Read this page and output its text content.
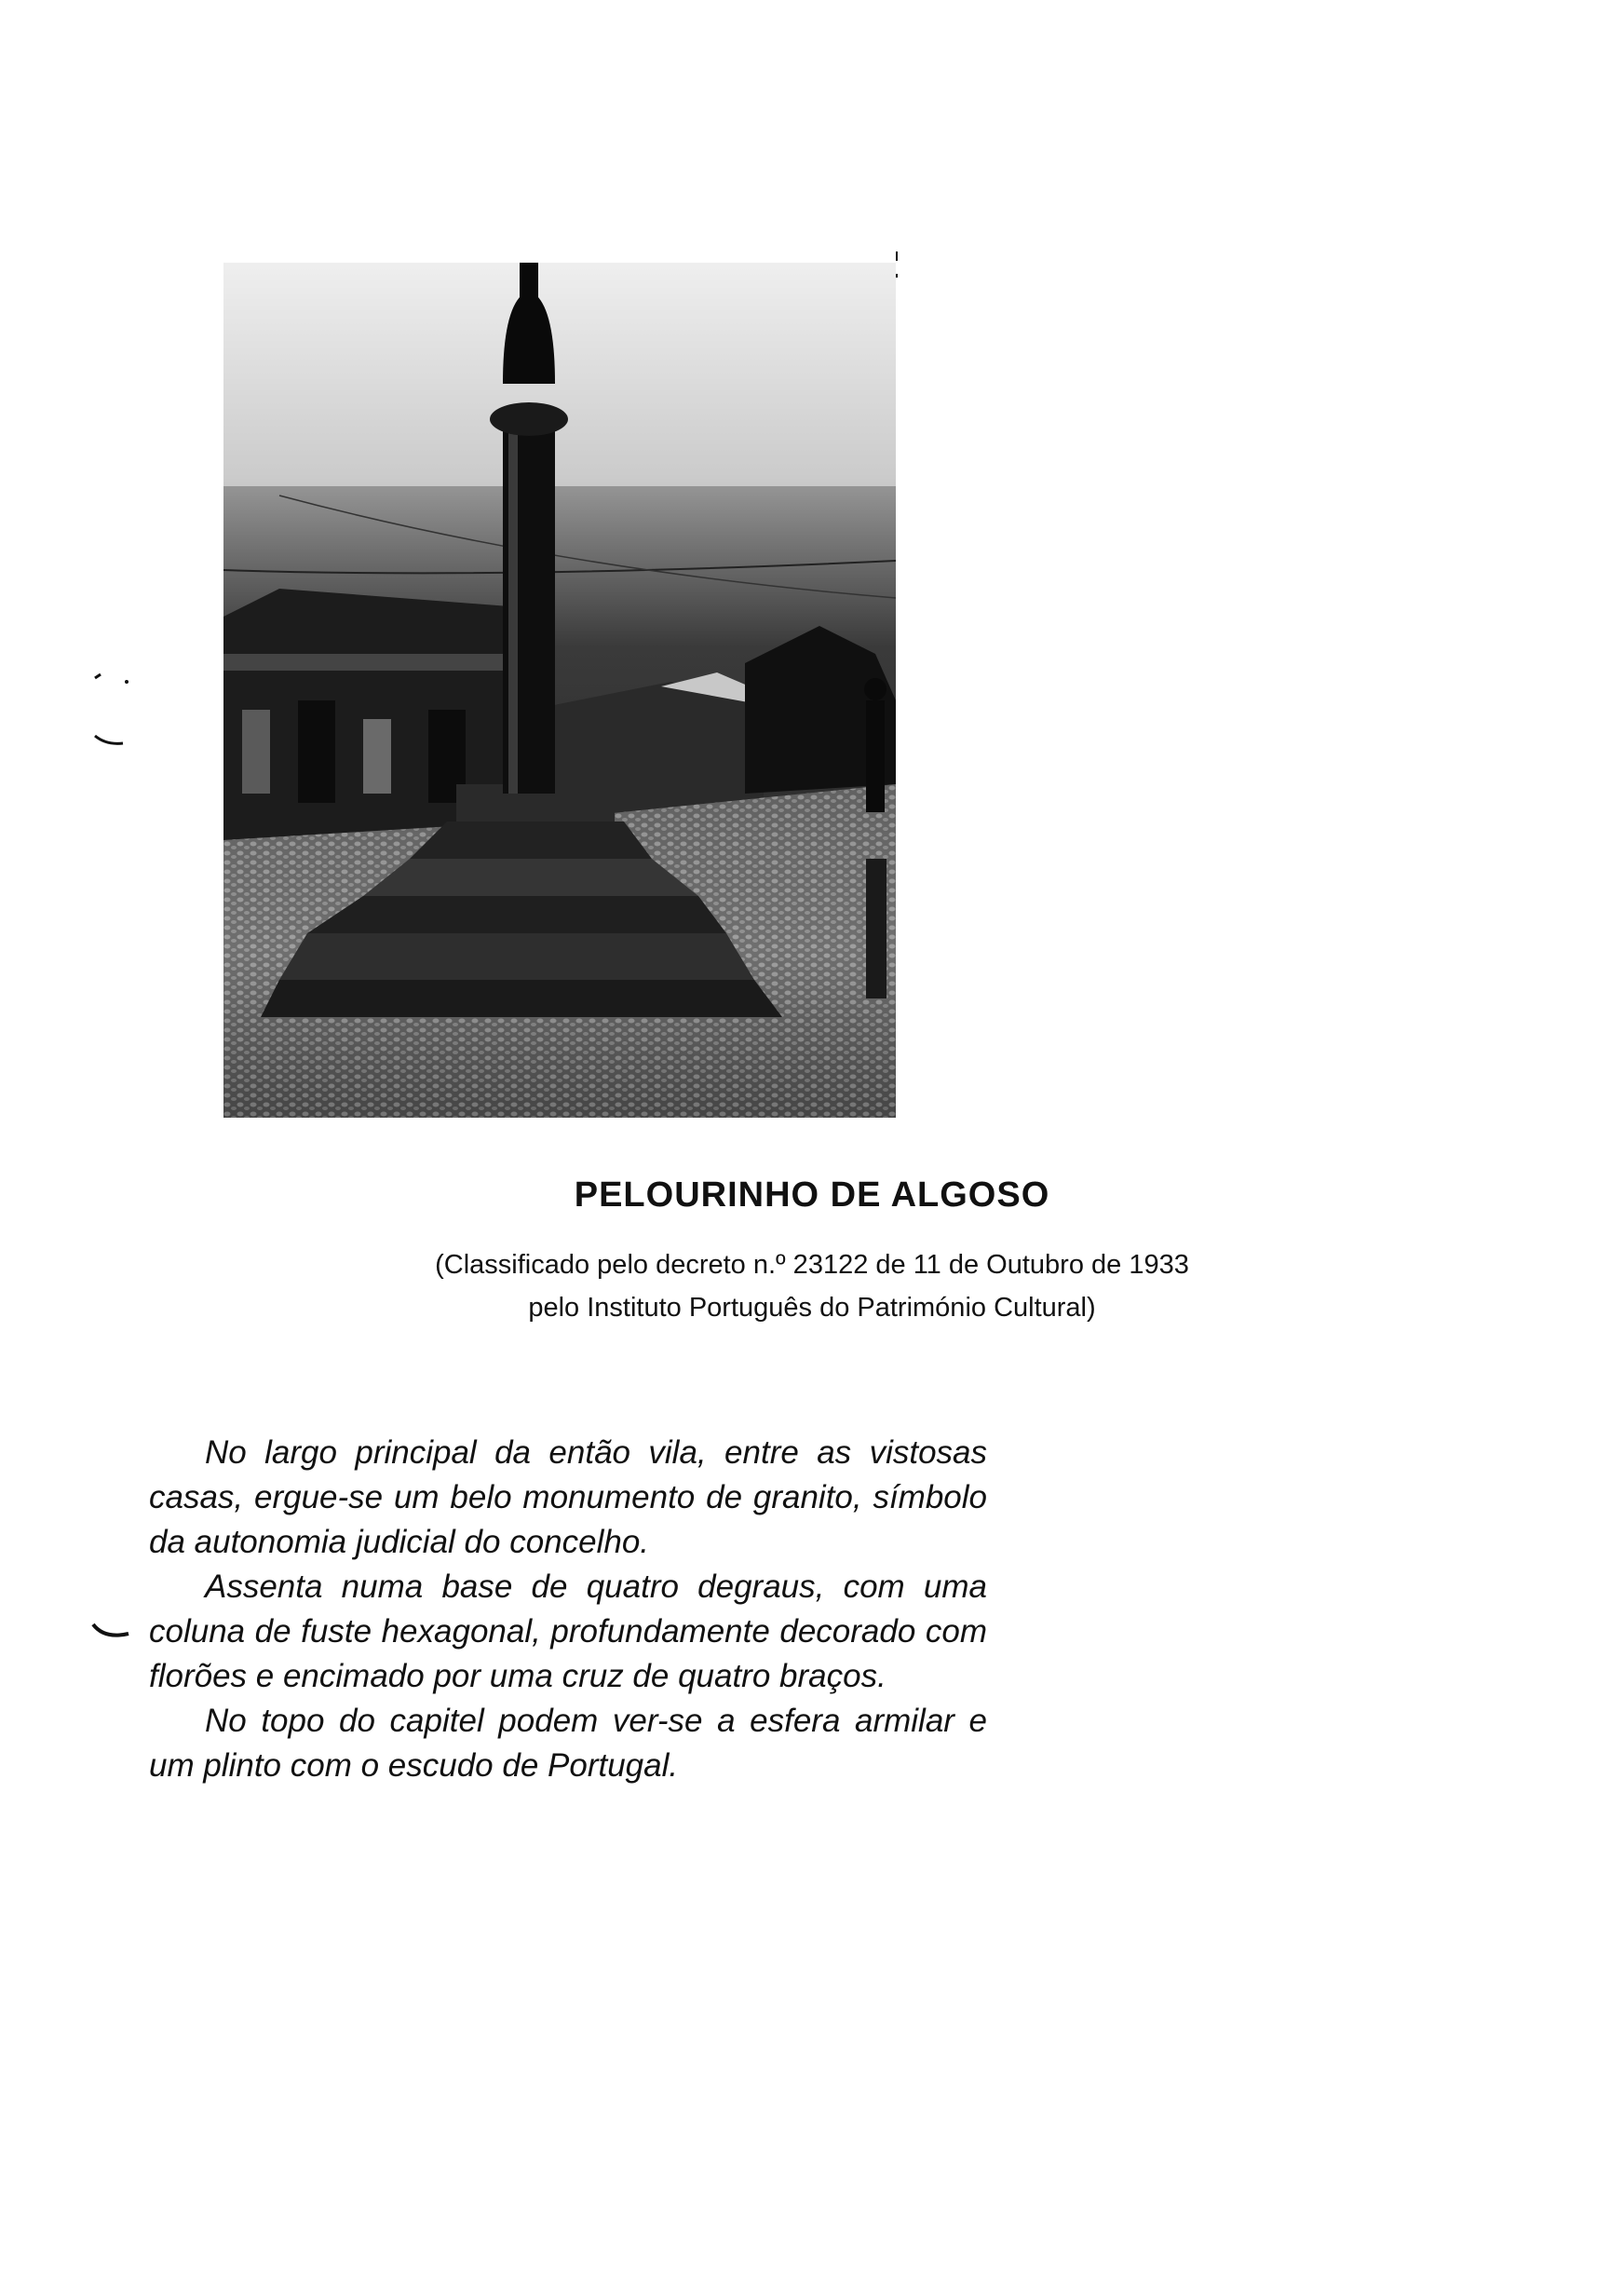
PELOURINHO DE ALGOSO

(Classificado pelo decreto n.º 23122 de 11 de Outubro de 1933

pelo Instituto Português do Património Cultural)

No largo principal da então vila, entre as vistosas casas, ergue-se um belo monumento de granito, símbolo da autonomia judicial do concelho.

Assenta numa base de quatro degraus, com uma coluna de fuste hexagonal, profundamente decorado com florões e encimado por uma cruz de quatro braços.

No topo do capitel podem ver-se a esfera armilar e um plinto com o escudo de Portugal.
